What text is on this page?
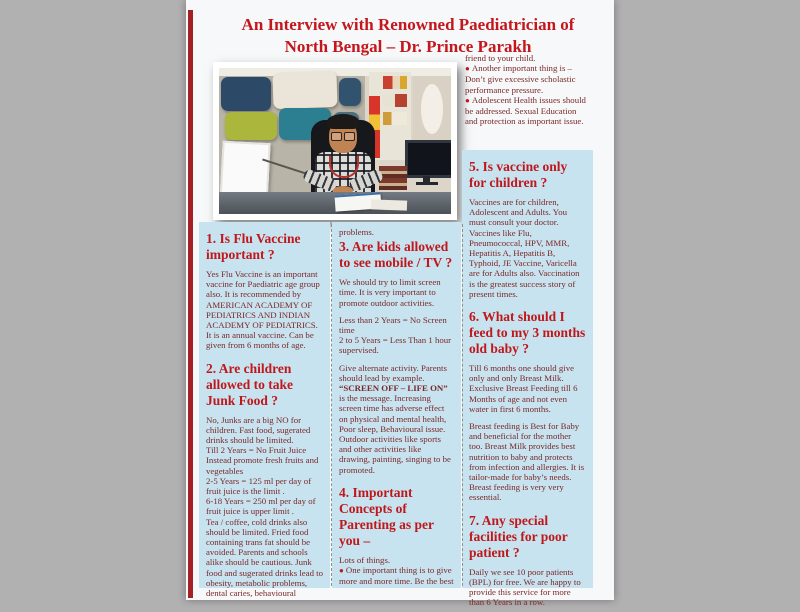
An Interview with Renowned Paediatrician of
North Bengal – Dr. Prince Parakh

friend to your child.

● Another important thing is – Don’t give excessive scholastic performance pressure.

● Adolescent Health issues should be addressed. Sexual Education and protection as important issue.

1. Is Flu Vaccine important ?

Yes Flu Vaccine is an important vaccine for Paediatric age group also. It is recommended by AMERICAN ACADEMY OF PEDIATRICS AND INDIAN ACADEMY OF PEDIATRICS. It is an annual vaccine. Can be given from 6 months of age.

2. Are children allowed to take Junk Food ?

No, Junks are a big NO for children. Fast food, sugerated drinks should be limited.

Till 2 Years = No Fruit Juice Instead promote fresh fruits and vegetables

2-5 Years = 125 ml per day of fruit juice is the limit .

6-18 Years = 250 ml per day of fruit juice is upper limit .

Tea / coffee, cold drinks also should be limited. Fried food containing trans fat should be avoided. Parents and schools alike should be cautious. Junk food and sugerated drinks lead to obesity, metabolic problems, dental caries, behavioural

problems.

3. Are kids allowed to see mobile / TV ?

We should try to limit screen time. It is very important to promote outdoor activities.

Less than 2 Years = No Screen time

2 to 5 Years = Less Than 1 hour supervised.

Give alternate activity. Parents should lead by example. “SCREEN OFF – LIFE ON” is the message. Increasing screen time has adverse effect on physical and mental health, Poor sleep, Behavioural issue. Outdoor activities like sports and other activities like drawing, painting, singing to be promoted.

4. Important Concepts of Parenting as per you –

Lots of things.

● One important thing is to give more and more time. Be the best

5. Is vaccine only for children ?

Vaccines are for children, Adolescent and Adults. You must consult your doctor. Vaccines like Flu, Pneumococcal, HPV, MMR, Hepatitis A, Hepatitis B, Typhoid, JE Vaccine, Varicella are for Adults also. Vaccination is the greatest success story of present times.

6. What should I feed to my 3 months old baby ?

Till 6 months one should give only and only Breast Milk. Exclusive Breast Feeding till 6 Months of age and not even water in first 6 months.

Breast feeding is Best for Baby and beneficial for the mother too. Breast Milk provides best nutrition to baby and protects from infection and allergies. It is tailor-made for baby’s needs. Breast feeding is very very essential.

7. Any special facilities for poor patient ?

Daily we see 10 poor patients (BPL) for free. We are happy to provide this service for more than 6 Years in a row.
